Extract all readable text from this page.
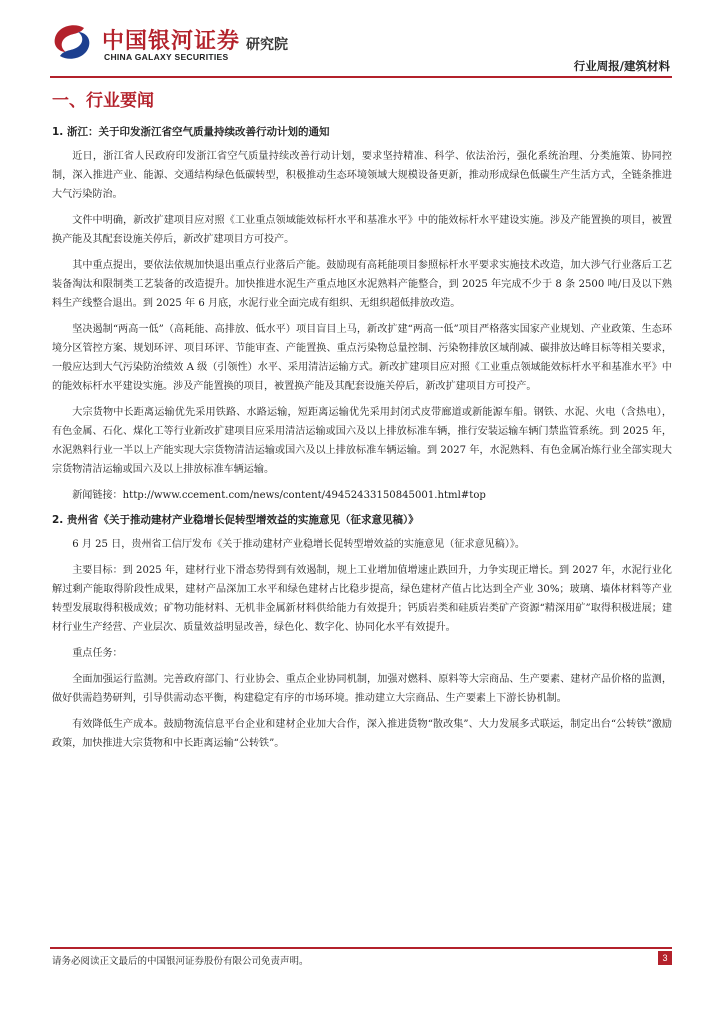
中国银河证券 研究院
CHINA GALAXY SECURITIES
行业周报/建筑材料
一、行业要闻
1. 浙江：关于印发浙江省空气质量持续改善行动计划的通知

近日，浙江省人民政府印发浙江省空气质量持续改善行动计划，要求坚持精准、科学、依法治污，强化系统治理、分类施策、协同控制，深入推进产业、能源、交通结构绿色低碳转型，积极推动生态环境领域大规模设备更新，推动形成绿色低碳生产生活方式，全链条推进大气污染防治。

文件中明确，新改扩建项目应对照《工业重点领域能效标杆水平和基准水平》中的能效标杆水平建设实施。涉及产能置换的项目，被置换产能及其配套设施关停后，新改扩建项目方可投产。

其中重点提出，要依法依规加快退出重点行业落后产能。鼓励现有高耗能项目参照标杆水平要求实施技术改造，加大涉气行业落后工艺装备淘汰和限制类工艺装备的改造提升。加快推进水泥生产重点地区水泥熟料产能整合，到 2025 年完成不少于 8 条 2500 吨/日及以下熟料生产线整合退出。到 2025 年 6 月底，水泥行业全面完成有组织、无组织超低排放改造。

坚决遏制“两高一低”（高耗能、高排放、低水平）项目盲目上马，新改扩建“两高一低”项目严格落实国家产业规划、产业政策、生态环境分区管控方案、规划环评、项目环评、节能审查、产能置换、重点污染物总量控制、污染物排放区域削减、碳排放达峰目标等相关要求，一般应达到大气污染防治绩效 A 级（引领性）水平、采用清洁运输方式。新改扩建项目应对照《工业重点领域能效标杆水平和基准水平》中的能效标杆水平建设实施。涉及产能置换的项目，被置换产能及其配套设施关停后，新改扩建项目方可投产。

大宗货物中长距离运输优先采用铁路、水路运输，短距离运输优先采用封闭式皮带廊道或新能源车船。钢铁、水泥、火电（含热电），有色金属、石化、煤化工等行业新改扩建项目应采用清洁运输或国六及以上排放标准车辆，推行安装运输车辆门禁监管系统。到 2025 年，水泥熟料行业一半以上产能实现大宗货物清洁运输或国六及以上排放标准车辆运输。到 2027 年，水泥熟料、有色金属冶炼行业全部实现大宗货物清洁运输或国六及以上排放标准车辆运输。

新闻链接：http://www.ccement.com/news/content/49452433150845001.html#top

2. 贵州省《关于推动建材产业稳增长促转型增效益的实施意见（征求意见稿）》

6 月 25 日，贵州省工信厅发布《关于推动建材产业稳增长促转型增效益的实施意见（征求意见稿）》。

主要目标：到 2025 年，建材行业下滑态势得到有效遏制，规上工业增加值增速止跌回升，力争实现正增长。到 2027 年，水泥行业化解过剩产能取得阶段性成果，建材产品深加工水平和绿色建材占比稳步提高，绿色建材产值占比达到全产业 30%；玻璃、墙体材料等产业转型发展取得积极成效；矿物功能材料、无机非金属新材料供给能力有效提升；钙质岩类和硅质岩类矿产资源“精深用矿”取得积极进展；建材行业生产经营、产业层次、质量效益明显改善，绿色化、数字化、协同化水平有效提升。

重点任务：

全面加强运行监测。完善政府部门、行业协会、重点企业协同机制，加强对燃料、原料等大宗商品、生产要素、建材产品价格的监测，做好供需趋势研判，引导供需动态平衡，构建稳定有序的市场环境。推动建立大宗商品、生产要素上下游长协机制。

有效降低生产成本。鼓励物流信息平台企业和建材企业加大合作，深入推进货物“散改集”、大力发展多式联运，制定出台“公转铁”激励政策，加快推进大宗货物和中长距离运输“公转铁”。

请务必阅读正文最后的中国银河证券股份有限公司免责声明。	3
